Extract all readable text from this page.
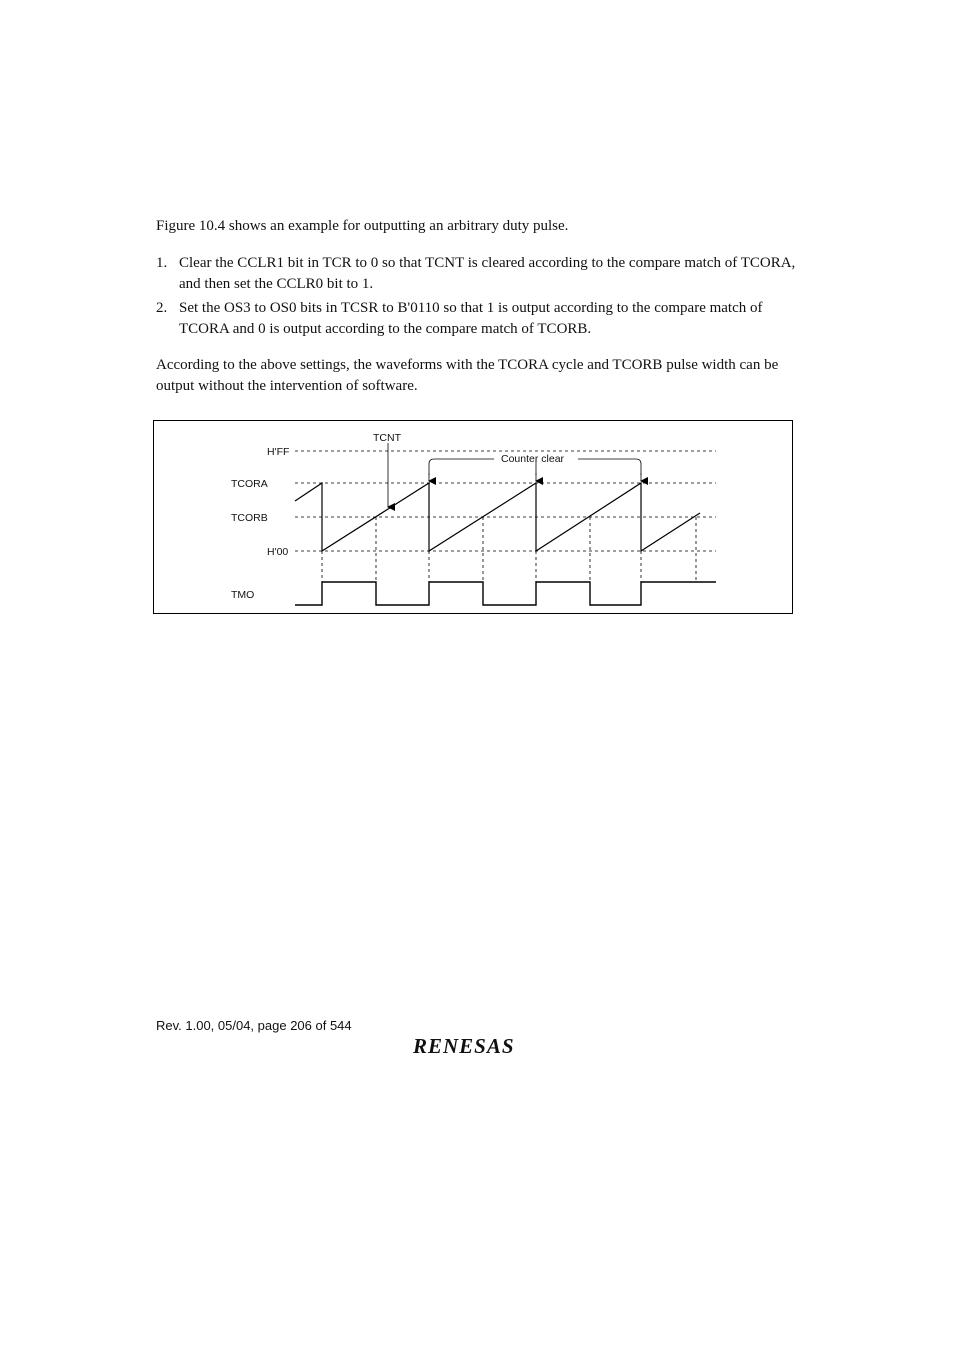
Figure 10.4 shows an example for outputting an arbitrary duty pulse.
1. Clear the CCLR1 bit in TCR to 0 so that TCNT is cleared according to the compare match of TCORA, and then set the CCLR0 bit to 1.
2. Set the OS3 to OS0 bits in TCSR to B'0110 so that 1 is output according to the compare match of TCORA and 0 is output according to the compare match of TCORB.
According to the above settings, the waveforms with the TCORA cycle and TCORB pulse width can be output without the intervention of software.
TCNT
H'FF
Counter clear
TCORA
TCORB
H'00
TMO
Rev. 1.00, 05/04, page 206 of 544
RENESAS
